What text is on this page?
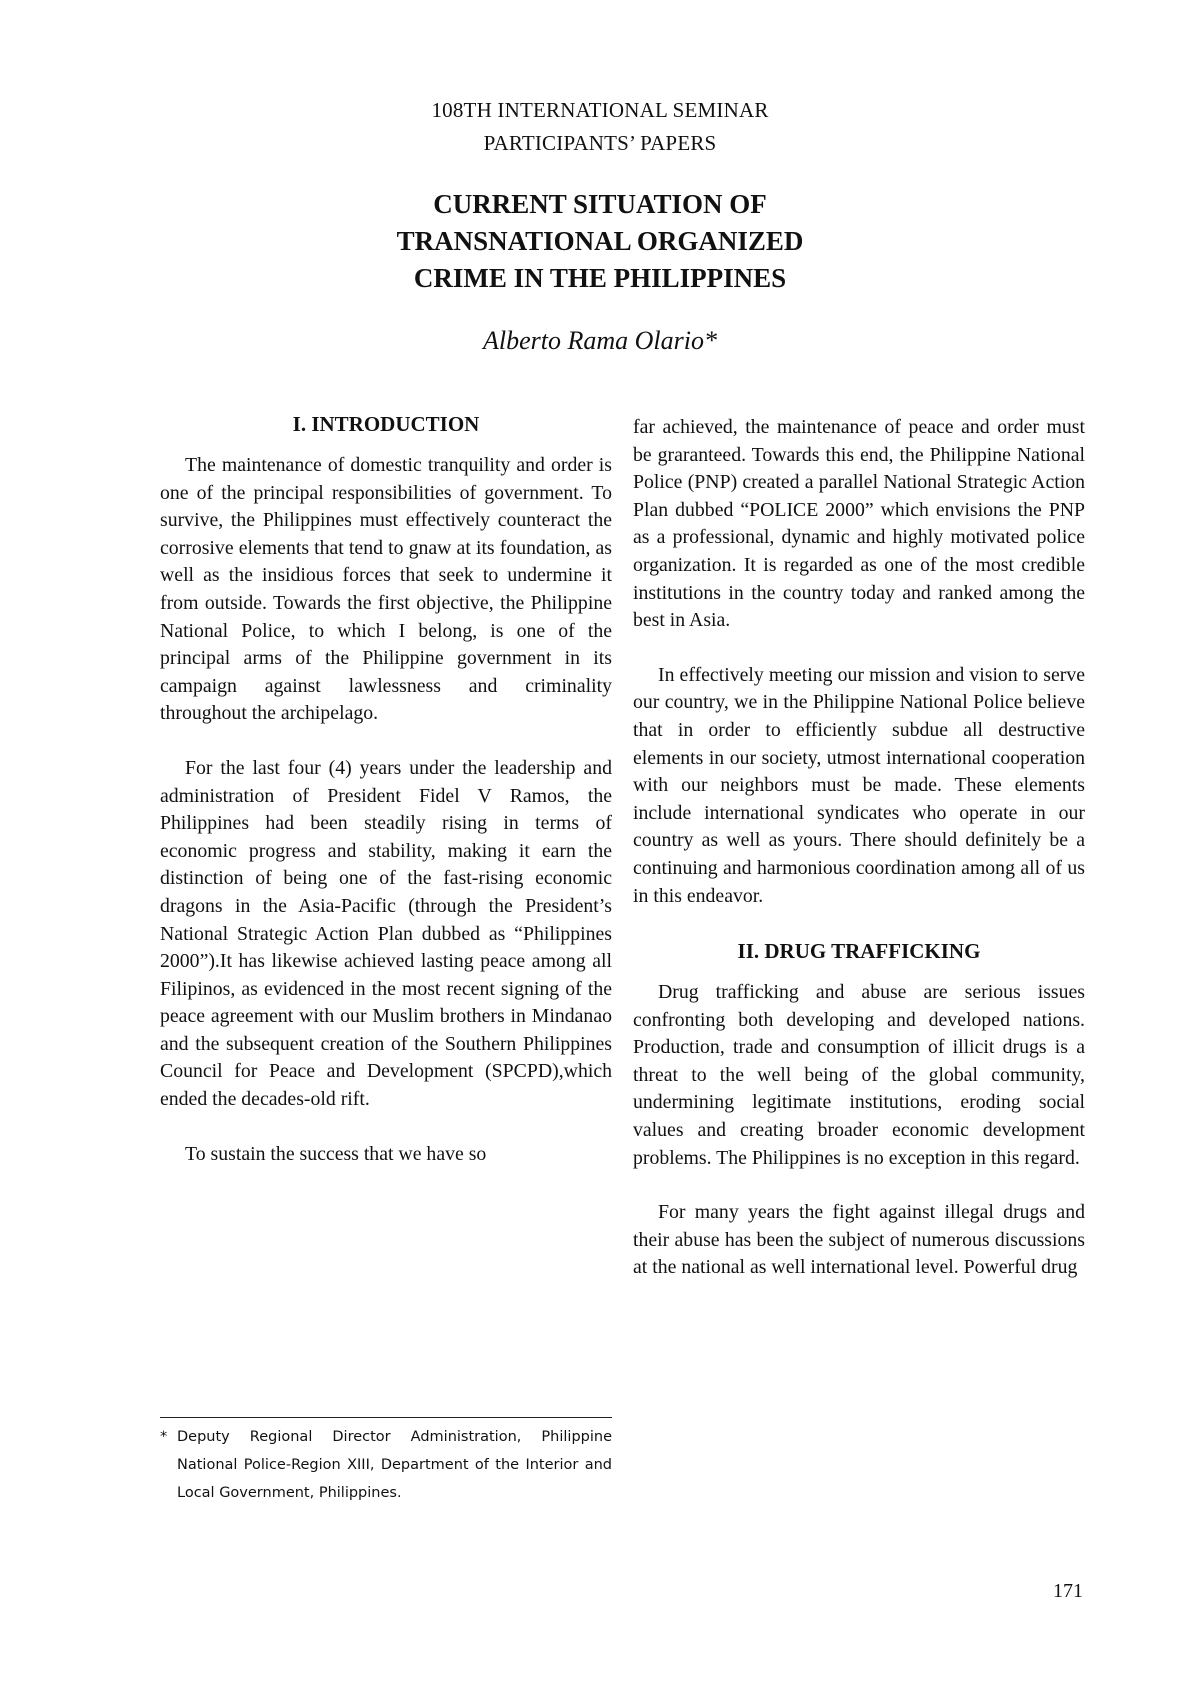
108TH INTERNATIONAL SEMINAR
PARTICIPANTS’ PAPERS
CURRENT SITUATION OF
TRANSNATIONAL ORGANIZED
CRIME IN THE PHILIPPINES
Alberto Rama Olario*
I. INTRODUCTION

The maintenance of domestic tranquility and order is one of the principal responsibilities of government. To survive, the Philippines must effectively counteract the corrosive elements that tend to gnaw at its foundation, as well as the insidious forces that seek to undermine it from outside. Towards the first objective, the Philippine National Police, to which I belong, is one of the principal arms of the Philippine government in its campaign against lawlessness and criminality throughout the archipelago.

For the last four (4) years under the leadership and administration of President Fidel V Ramos, the Philippines had been steadily rising in terms of economic progress and stability, making it earn the distinction of being one of the fast-rising economic dragons in the Asia-Pacific (through the President’s National Strategic Action Plan dubbed as “Philippines 2000”).It has likewise achieved lasting peace among all Filipinos, as evidenced in the most recent signing of the peace agreement with our Muslim brothers in Mindanao and the subsequent creation of the Southern Philippines Council for Peace and Development (SPCPD),which ended the decades-old rift.

To sustain the success that we have so

far achieved, the maintenance of peace and order must be graranteed. Towards this end, the Philippine National Police (PNP) created a parallel National Strategic Action Plan dubbed “POLICE 2000” which envisions the PNP as a professional, dynamic and highly motivated police organization. It is regarded as one of the most credible institutions in the country today and ranked among the best in Asia.

In effectively meeting our mission and vision to serve our country, we in the Philippine National Police believe that in order to efficiently subdue all destructive elements in our society, utmost international cooperation with our neighbors must be made. These elements include international syndicates who operate in our country as well as yours. There should definitely be a continuing and harmonious coordination among all of us in this endeavor.

II. DRUG TRAFFICKING

Drug trafficking and abuse are serious issues confronting both developing and developed nations. Production, trade and consumption of illicit drugs is a threat to the well being of the global community, undermining legitimate institutions, eroding social values and creating broader economic development problems. The Philippines is no exception in this regard.

For many years the fight against illegal drugs and their abuse has been the subject of numerous discussions at the national as well international level. Powerful drug

* Deputy Regional Director Administration, Philippine National Police-Region XIII, Department of the Interior and Local Government, Philippines.
171
